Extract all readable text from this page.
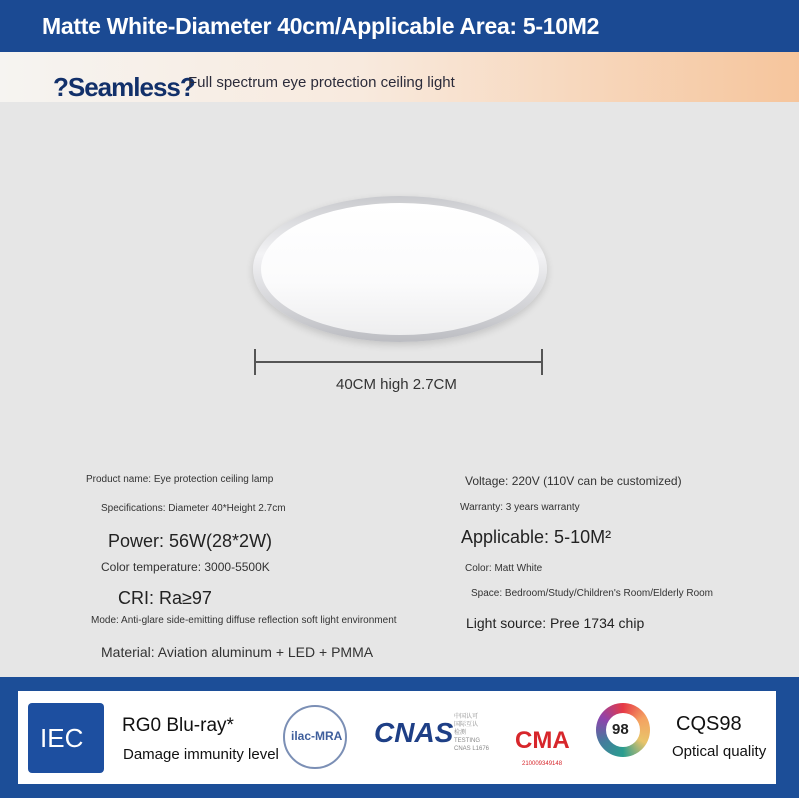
Matte White-Diameter 40cm/Applicable Area: 5-10M2
?Seamless?
Full spectrum eye protection ceiling light
40CM high 2.7CM
Product name: Eye protection ceiling lamp
Specifications: Diameter 40*Height 2.7cm
Power: 56W(28*2W)
Color temperature: 3000-5500K
CRI: Ra≥97
Mode: Anti-glare side-emitting diffuse reflection soft light environment
Material: Aviation aluminum + LED + PMMA
Voltage: 220V (110V can be customized)
Warranty: 3 years warranty
Applicable: 5-10M²
Color: Matt White
Space: Bedroom/Study/Children's Room/Elderly Room
Light source: Pree 1734 chip
IEC RG0 Blu-ray*
Damage immunity level
ilac-MRA CNAS 中国认可
国际互认
检测
TESTING
CNAS L1676 CMA
210009349148
98 CQS98
Optical quality
